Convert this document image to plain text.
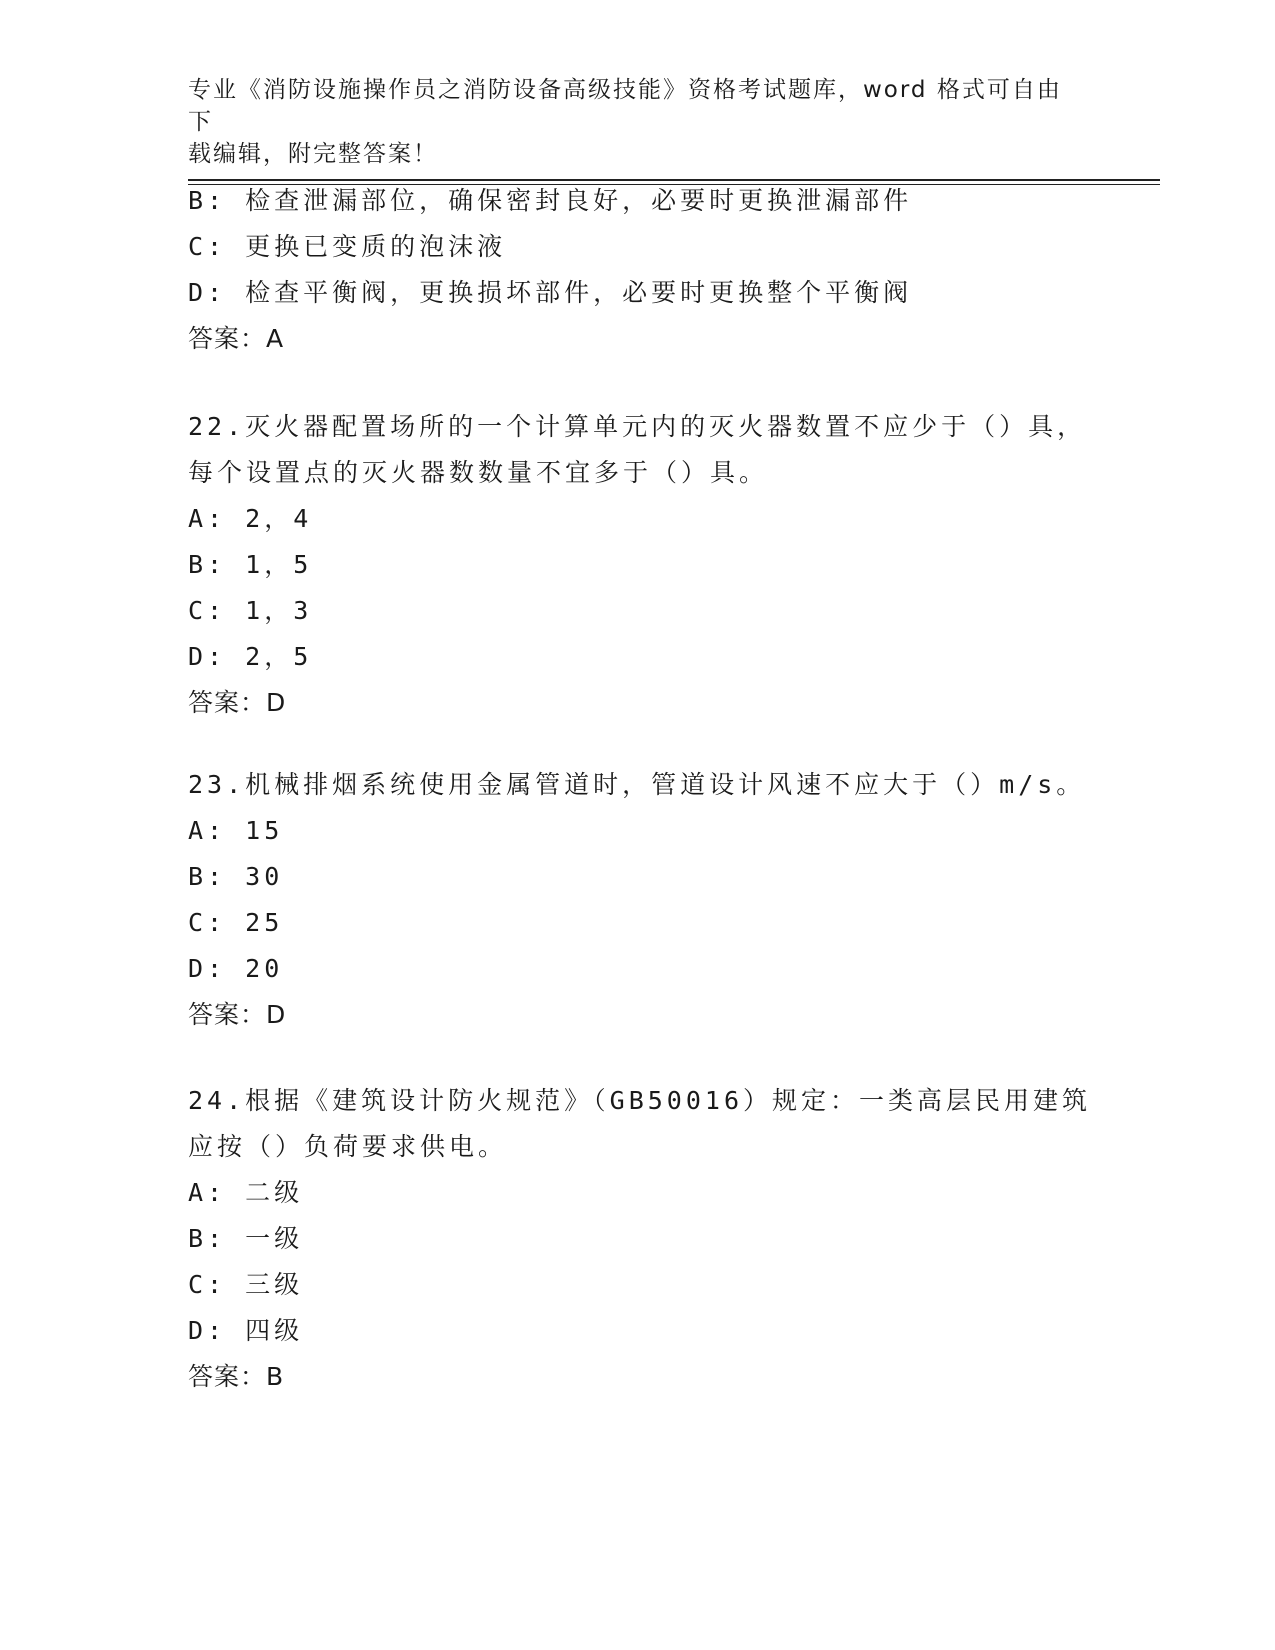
专业《消防设施操作员之消防设备高级技能》资格考试题库，word 格式可自由下
载编辑，附完整答案！
B: 检查泄漏部位，确保密封良好，必要时更换泄漏部件
C: 更换已变质的泡沫液
D: 检查平衡阀，更换损坏部件，必要时更换整个平衡阀
答案：A
22.灭火器配置场所的一个计算单元内的灭火器数置不应少于（）具，
每个设置点的灭火器数数量不宜多于（）具。
A: 2，4
B: 1，5
C: 1，3
D: 2，5
答案：D
23.机械排烟系统使用金属管道时，管道设计风速不应大于（）m/s。
A: 15
B: 30
C: 25
D: 20
答案：D
24.根据《建筑设计防火规范》（GB50016）规定：一类高层民用建筑
应按（）负荷要求供电。
A: 二级
B: 一级
C: 三级
D: 四级
答案：B
